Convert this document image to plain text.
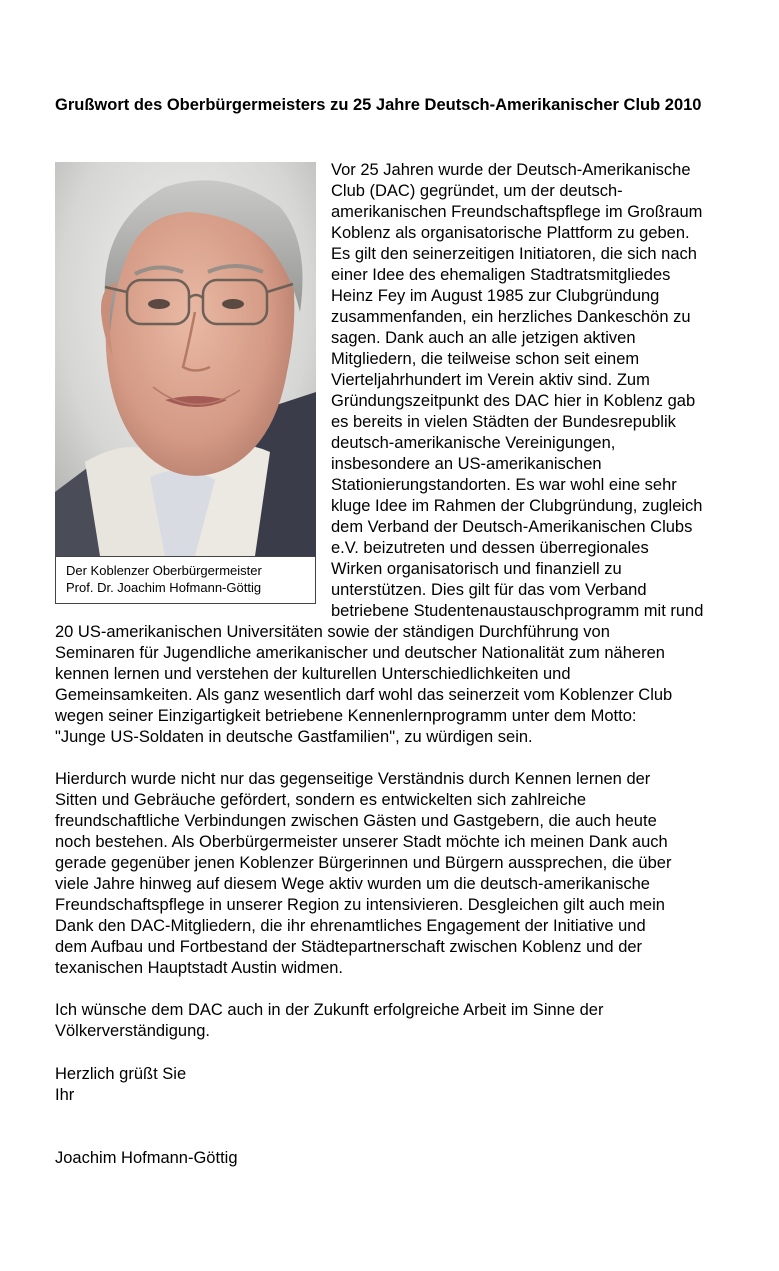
Grußwort des Oberbürgermeisters zu 25 Jahre Deutsch-Amerikanischer Club 2010
Der Koblenzer Oberbürgermeister
Prof. Dr. Joachim Hofmann-Göttig
Vor 25 Jahren wurde der Deutsch-Amerikanische
Club (DAC) gegründet, um der deutsch-
amerikanischen Freundschaftspflege im Großraum
Koblenz als organisatorische Plattform zu geben.
Es gilt den seinerzeitigen Initiatoren, die sich nach
einer Idee des ehemaligen Stadtratsmitgliedes
Heinz Fey im August 1985 zur Clubgründung
zusammenfanden, ein herzliches Dankeschön zu
sagen. Dank auch an alle jetzigen aktiven
Mitgliedern, die teilweise schon seit einem
Vierteljahrhundert im Verein aktiv sind. Zum
Gründungszeitpunkt des DAC hier in Koblenz gab
es bereits in vielen Städten der Bundesrepublik
deutsch-amerikanische Vereinigungen,
insbesondere an US-amerikanischen
Stationierungstandorten. Es war wohl eine sehr
kluge Idee im Rahmen der Clubgründung, zugleich
dem Verband der Deutsch-Amerikanischen Clubs
e.V. beizutreten und dessen überregionales
Wirken organisatorisch und finanziell zu
unterstützen. Dies gilt für das vom Verband
betriebene Studentenaustauschprogramm mit rund
20 US-amerikanischen Universitäten sowie der ständigen Durchführung von
Seminaren für Jugendliche amerikanischer und deutscher Nationalität zum näheren
kennen lernen und verstehen der kulturellen Unterschiedlichkeiten und
Gemeinsamkeiten. Als ganz wesentlich darf wohl das seinerzeit vom Koblenzer Club
wegen seiner Einzigartigkeit betriebene Kennenlernprogramm unter dem Motto:
"Junge US-Soldaten in deutsche Gastfamilien", zu würdigen sein.
Hierdurch wurde nicht nur das gegenseitige Verständnis durch Kennen lernen der
Sitten und Gebräuche gefördert, sondern es entwickelten sich zahlreiche
freundschaftliche Verbindungen zwischen Gästen und Gastgebern, die auch heute
noch bestehen. Als Oberbürgermeister unserer Stadt möchte ich meinen Dank auch
gerade gegenüber jenen Koblenzer Bürgerinnen und Bürgern aussprechen, die über
viele Jahre hinweg auf diesem Wege aktiv wurden um die deutsch-amerikanische
Freundschaftspflege in unserer Region zu intensivieren. Desgleichen gilt auch mein
Dank den DAC-Mitgliedern, die ihr ehrenamtliches Engagement der Initiative und
dem Aufbau und Fortbestand der Städtepartnerschaft zwischen Koblenz und der
texanischen Hauptstadt Austin widmen.
Ich wünsche dem DAC auch in der Zukunft erfolgreiche Arbeit im Sinne der
Völkerverständigung.
Herzlich grüßt Sie
Ihr
Joachim Hofmann-Göttig
